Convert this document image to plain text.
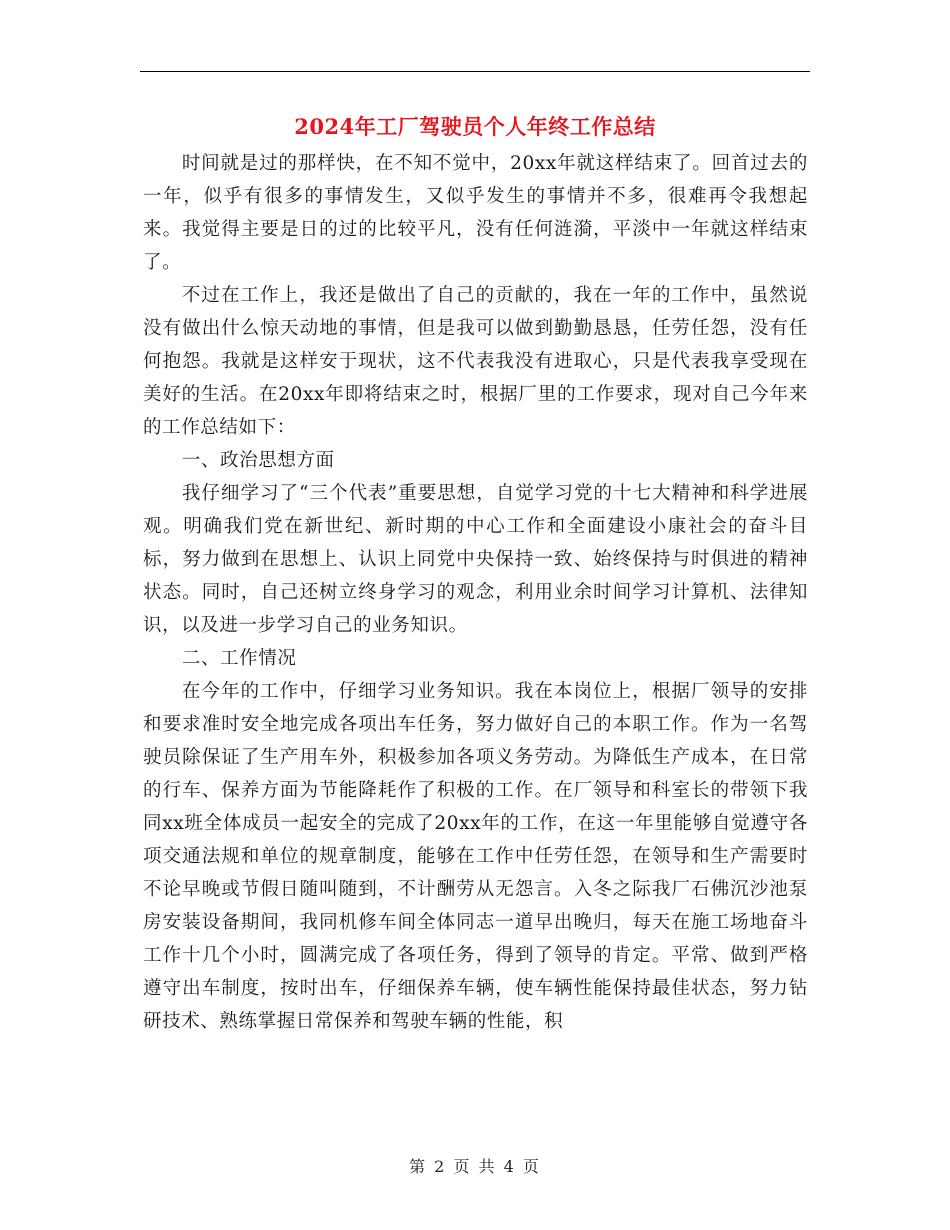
2024年工厂驾驶员个人年终工作总结

时间就是过的那样快，在不知不觉中，20xx年就这样结束了。回首过去的一年，似乎有很多的事情发生，又似乎发生的事情并不多，很难再令我想起来。我觉得主要是日的过的比较平凡，没有任何涟漪，平淡中一年就这样结束了。

不过在工作上，我还是做出了自己的贡献的，我在一年的工作中，虽然说没有做出什么惊天动地的事情，但是我可以做到勤勤恳恳，任劳任怨，没有任何抱怨。我就是这样安于现状，这不代表我没有进取心，只是代表我享受现在美好的生活。在20xx年即将结束之时，根据厂里的工作要求，现对自己今年来的工作总结如下：

一、政治思想方面

我仔细学习了“三个代表”重要思想，自觉学习党的十七大精神和科学进展观。明确我们党在新世纪、新时期的中心工作和全面建设小康社会的奋斗目标，努力做到在思想上、认识上同党中央保持一致、始终保持与时俱进的精神状态。同时，自己还树立终身学习的观念，利用业余时间学习计算机、法律知识，以及进一步学习自己的业务知识。

二、工作情况

在今年的工作中，仔细学习业务知识。我在本岗位上，根据厂领导的安排和要求准时安全地完成各项出车任务，努力做好自己的本职工作。作为一名驾驶员除保证了生产用车外，积极参加各项义务劳动。为降低生产成本，在日常的行车、保养方面为节能降耗作了积极的工作。在厂领导和科室长的带领下我同xx班全体成员一起安全的完成了20xx年的工作，在这一年里能够自觉遵守各项交通法规和单位的规章制度，能够在工作中任劳任怨，在领导和生产需要时不论早晚或节假日随叫随到，不计酬劳从无怨言。入冬之际我厂石佛沉沙池泵房安装设备期间，我同机修车间全体同志一道早出晚归，每天在施工场地奋斗工作十几个小时，圆满完成了各项任务，得到了领导的肯定。平常、做到严格遵守出车制度，按时出车，仔细保养车辆，使车辆性能保持最佳状态，努力钻研技术、熟练掌握日常保养和驾驶车辆的性能，积

第 2 页 共 4 页
